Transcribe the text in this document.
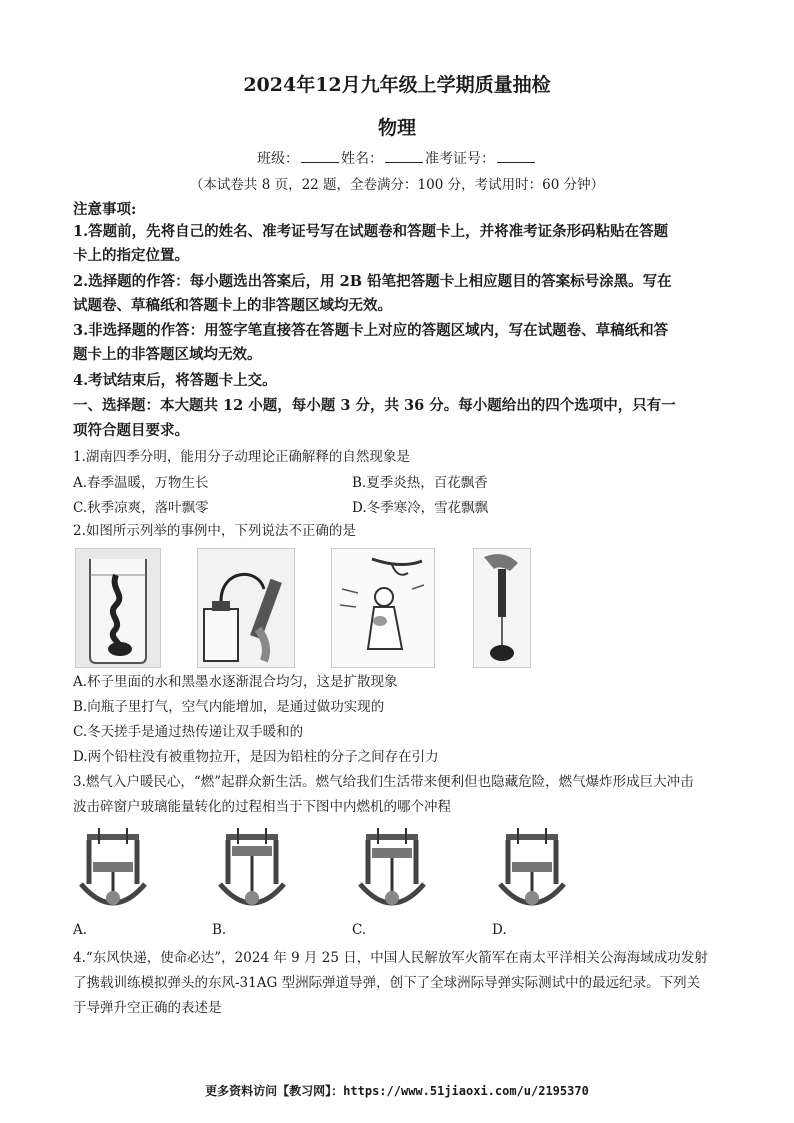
2024年12月九年级上学期质量抽检
物理
班级：	姓名：	准考证号：
（本试卷共 8 页，22 题，全卷满分：100 分，考试用时：60 分钟）
注意事项:
1.答题前，先将自己的姓名、准考证号写在试题卷和答题卡上，并将准考证条形码粘贴在答题
卡上的指定位置。
2.选择题的作答：每小题选出答案后，用 2B 铅笔把答题卡上相应题目的答案标号涂黑。写在
试题卷、草稿纸和答题卡上的非答题区域均无效。
3.非选择题的作答：用签字笔直接答在答题卡上对应的答题区域内，写在试题卷、草稿纸和答
题卡上的非答题区域均无效。
4.考试结束后，将答题卡上交。
一、选择题：本大题共 12 小题，每小题 3 分，共 36 分。每小题给出的四个选项中，只有一
项符合题目要求。
1.湖南四季分明，能用分子动理论正确解释的自然现象是
A.春季温暖，万物生长	B.夏季炎热，百花飘香
C.秋季凉爽，落叶飘零	D.冬季寒冷，雪花飘飘
2.如图所示列举的事例中，下列说法不正确的是
A.杯子里面的水和黑墨水逐渐混合均匀，这是扩散现象
B.向瓶子里打气，空气内能增加，是通过做功实现的
C.冬天搓手是通过热传递让双手暖和的
D.两个铅柱没有被重物拉开，是因为铅柱的分子之间存在引力
3.燃气入户暖民心，“燃”起群众新生活。燃气给我们生活带来便利但也隐藏危险，燃气爆炸形成巨大冲击
波击碎窗户玻璃能量转化的过程相当于下图中内燃机的哪个冲程
A.	B.	C.	D.
4.“东风快递，使命必达”，2024 年 9 月 25 日，中国人民解放军火箭军在南太平洋相关公海海域成功发射
了携载训练模拟弹头的东风-31AG 型洲际弹道导弹，创下了全球洲际导弹实际测试中的最远纪录。下列关
于导弹升空正确的表述是
更多资料访问【教习网】：https://www.51jiaoxi.com/u/2195370
